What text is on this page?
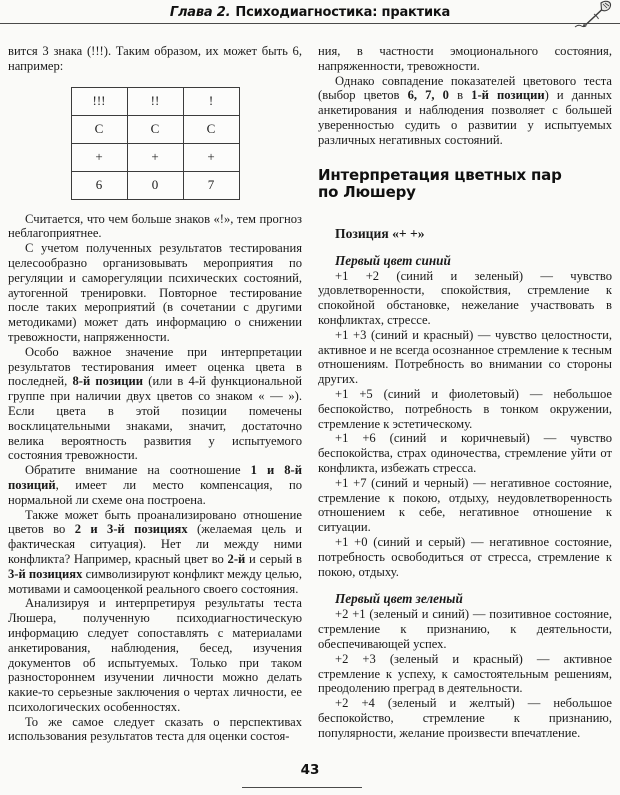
Глава 2. Психодиагностика: практика
вится 3 знака (!!!). Таким образом, их может быть 6, например:
!!!	!!	!
С	С	С
+	+	+
6	0	7
Считается, что чем больше знаков «!», тем прогноз неблагоприятнее.
С учетом полученных результатов тестирования целесообразно организовывать мероприятия по регуляции и саморегуляции психических состояний, аутогенной тренировки. Повторное тестирование после таких мероприятий (в сочетании с другими методиками) может дать информацию о снижении тревожности, напряженности.
Особо важное значение при интерпретации результатов тестирования имеет оценка цвета в последней, 8-й позиции (или в 4-й функциональной группе при наличии двух цветов со знаком « — »). Если цвета в этой позиции помечены восклицательными знаками, значит, достаточно велика вероятность развития у испытуемого состояния тревожности.
Обратите внимание на соотношение 1 и 8-й позиций, имеет ли место компенсация, по нормальной ли схеме она построена.
Также может быть проанализировано отношение цветов во 2 и 3-й позициях (желаемая цель и фактическая ситуация). Нет ли между ними конфликта? Например, красный цвет во 2-й и серый в 3-й позициях символизируют конфликт между целью, мотивами и самооценкой реального своего состояния.
Анализируя и интерпретируя результаты теста Люшера, полученную психодиагностическую информацию следует сопоставлять с материалами анкетирования, наблюдения, бесед, изучения документов об испытуемых. Только при таком разностороннем изучении личности можно делать какие-то серьезные заключения о чертах личности, ее психологических особенностях.
То же самое следует сказать о перспективах использования результатов теста для оценки состоя-
ния, в частности эмоционального состояния, напряженности, тревожности.
Однако совпадение показателей цветового теста (выбор цветов 6, 7, 0 в 1-й позиции) и данных анкетирования и наблюдения позволяет с большей уверенностью судить о развитии у испытуемых различных негативных состояний.
Интерпретация цветных пар
по Люшеру
Позиция «+ +»
Первый цвет синий
+1 +2 (синий и зеленый) — чувство удовлетворенности, спокойствия, стремление к спокойной обстановке, нежелание участвовать в конфликтах, стрессе.
+1 +3 (синий и красный) — чувство целостности, активное и не всегда осознанное стремление к тесным отношениям. Потребность во внимании со стороны других.
+1 +5 (синий и фиолетовый) — небольшое беспокойство, потребность в тонком окружении, стремление к эстетическому.
+1 +6 (синий и коричневый) — чувство беспокойства, страх одиночества, стремление уйти от конфликта, избежать стресса.
+1 +7 (синий и черный) — негативное состояние, стремление к покою, отдыху, неудовлетворенность отношением к себе, негативное отношение к ситуации.
+1 +0 (синий и серый) — негативное состояние, потребность освободиться от стресса, стремление к покою, отдыху.
Первый цвет зеленый
+2 +1 (зеленый и синий) — позитивное состояние, стремление к признанию, к деятельности, обеспечивающей успех.
+2 +3 (зеленый и красный) — активное стремление к успеху, к самостоятельным решениям, преодолению преград в деятельности.
+2 +4 (зеленый и желтый) — небольшое беспокойство, стремление к признанию, популярности, желание произвести впечатление.
43
